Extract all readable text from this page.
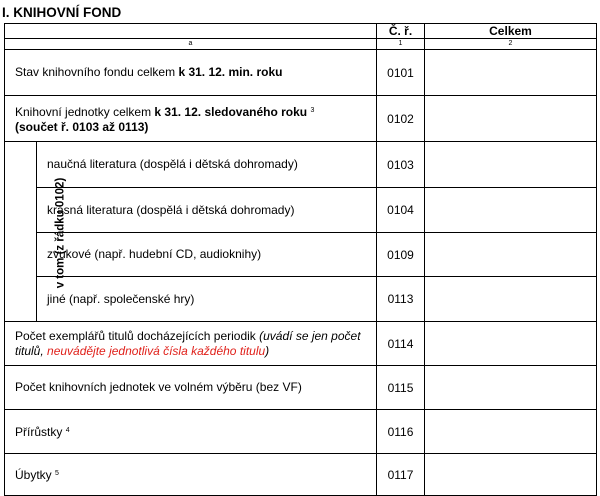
I. KNIHOVNÍ FOND
		Č. ř.	Celkem
a		1	2
Stav knihovního fondu celkem k 31. 12. min. roku		0101	
Knihovní jednotky celkem k 31. 12. sledovaného roku $^3$
(součet ř. 0103 až 0113)		0102	
v tom (z řádku 0102)	naučná literatura (dospělá i dětská dohromady)	0103	
	krásná literatura (dospělá i dětská dohromady)	0104	
	zvukové (např. hudební CD, audioknihy)	0109	
	jiné (např. společenské hry)	0113	
Počet exemplářů titulů docházejících periodik (uvádí se jen počet titulů, neuvádějte jednotlivá čísla každého titulu)		0114	
Počet knihovních jednotek ve volném výběru (bez VF)		0115	
Přírůstky $^4$		0116	
Úbytky $^5$		0117	
